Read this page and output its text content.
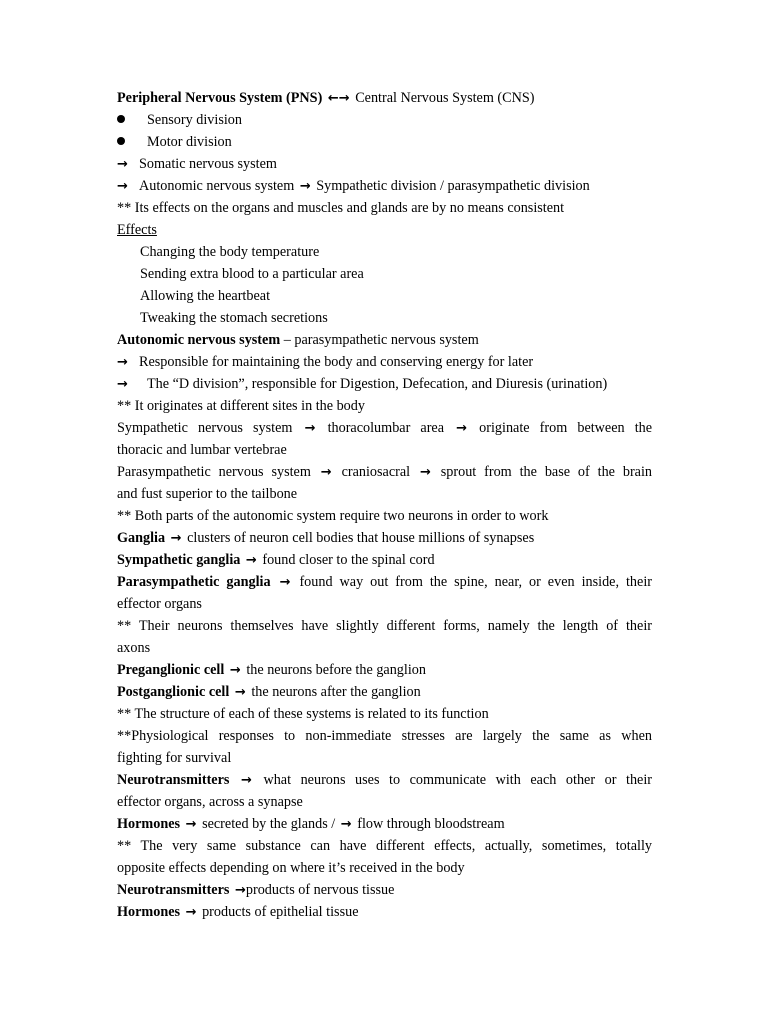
Peripheral Nervous System (PNS) ←→ Central Nervous System (CNS)
Sensory division
Motor division
→ Somatic nervous system
→ Autonomic nervous system → Sympathetic division / parasympathetic division
** Its effects on the organs and muscles and glands are by no means consistent
Effects
Changing the body temperature
Sending extra blood to a particular area
Allowing the heartbeat
Tweaking the stomach secretions
Autonomic nervous system – parasympathetic nervous system
→ Responsible for maintaining the body and conserving energy for later
→ The “D division”, responsible for Digestion, Defecation, and Diuresis (urination)
** It originates at different sites in the body
Sympathetic nervous system → thoracolumbar area → originate from between the
thoracic and lumbar vertebrae
Parasympathetic nervous system → craniosacral → sprout from the base of the brain
and fust superior to the tailbone
** Both parts of the autonomic system require two neurons in order to work
Ganglia → clusters of neuron cell bodies that house millions of synapses
Sympathetic ganglia → found closer to the spinal cord
Parasympathetic ganglia → found way out from the spine, near, or even inside, their
effector organs
** Their neurons themselves have slightly different forms, namely the length of their
axons
Preganglionic cell → the neurons before the ganglion
Postganglionic cell → the neurons after the ganglion
** The structure of each of these systems is related to its function
**Physiological responses to non-immediate stresses are largely the same as when
fighting for survival
Neurotransmitters → what neurons uses to communicate with each other or their
effector organs, across a synapse
Hormones → secreted by the glands / → flow through bloodstream
** The very same substance can have different effects, actually, sometimes, totally
opposite effects depending on where it’s received in the body
Neurotransmitters →products of nervous tissue
Hormones → products of epithelial tissue
